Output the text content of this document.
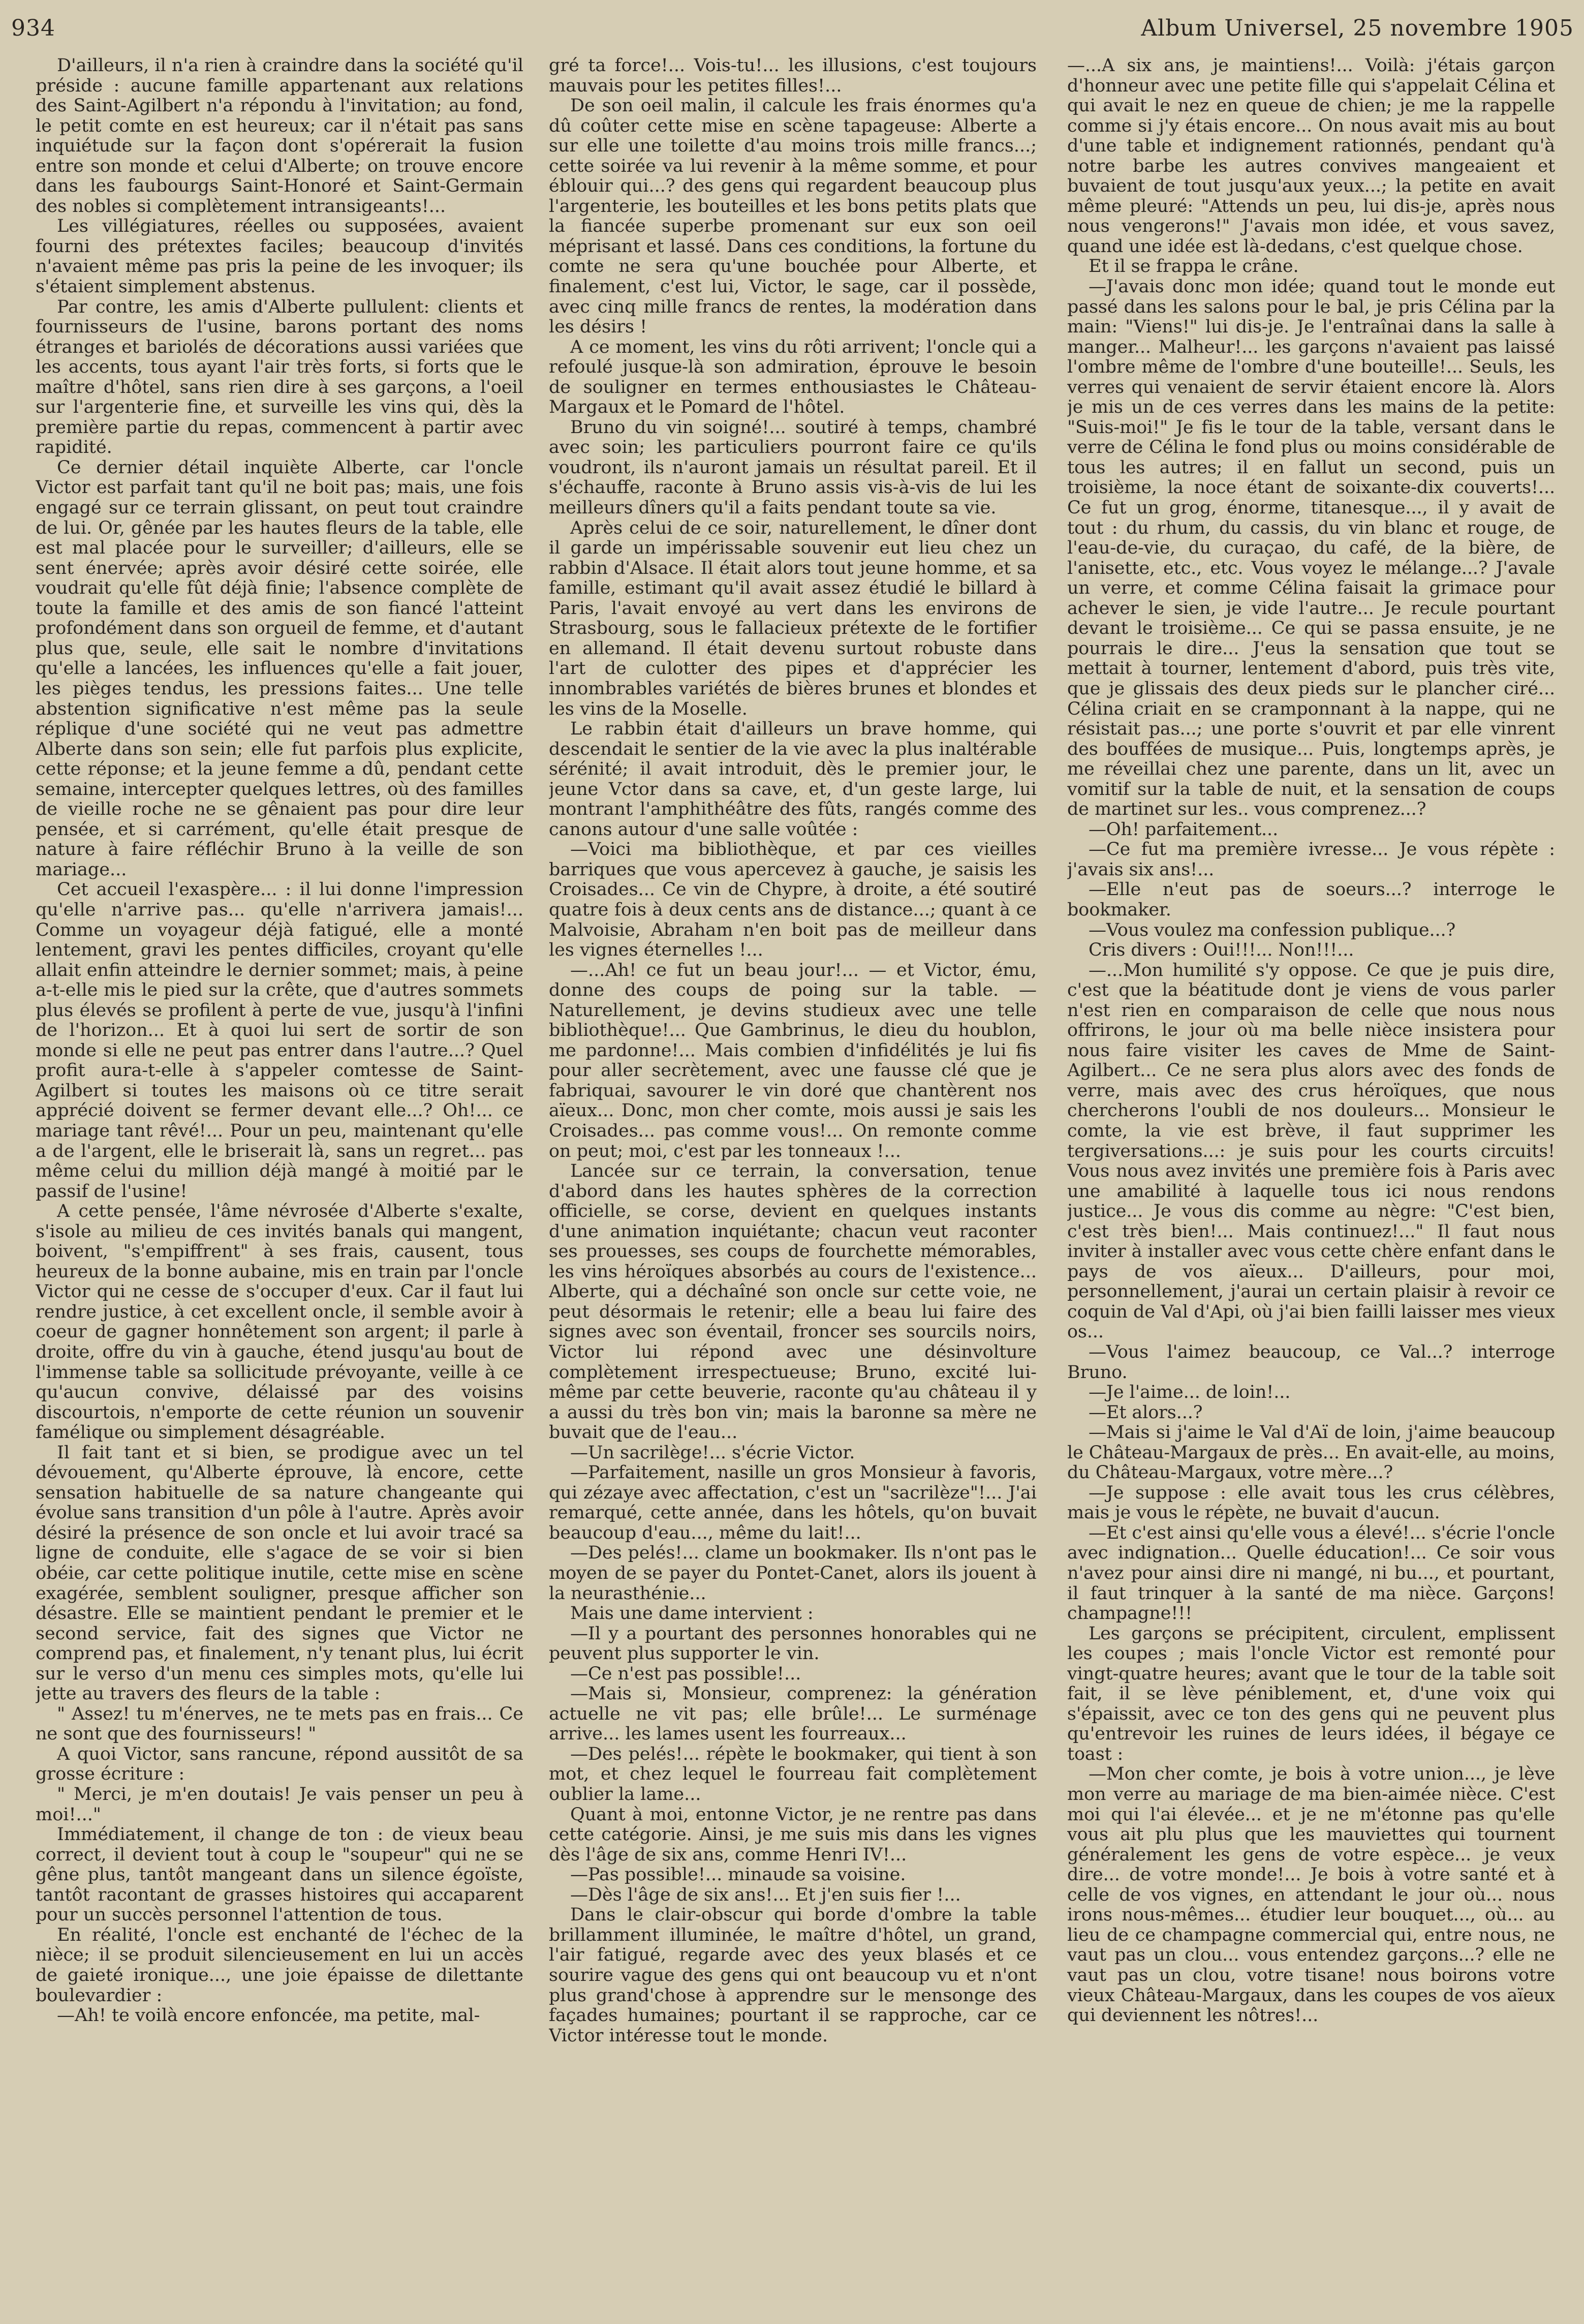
934	Album Universel, 25 novembre 1905

D'ailleurs, il n'a rien à craindre dans la société qu'il préside : aucune famille appartenant aux relations des Saint-Agilbert n'a répondu à l'invitation; au fond, le petit comte en est heureux; car il n'était pas sans inquiétude sur la façon dont s'opérerait la fusion entre son monde et celui d'Alberte; on trouve encore dans les faubourgs Saint-Honoré et Saint-Germain des nobles si complètement intransigeants!...

Les villégiatures, réelles ou supposées, avaient fourni des prétextes faciles; beaucoup d'invités n'avaient même pas pris la peine de les invoquer; ils s'étaient simplement abstenus.

Par contre, les amis d'Alberte pullulent: clients et fournisseurs de l'usine, barons portant des noms étranges et bariolés de décorations aussi variées que les accents, tous ayant l'air très forts, si forts que le maître d'hôtel, sans rien dire à ses garçons, a l'oeil sur l'argenterie fine, et surveille les vins qui, dès la première partie du repas, commencent à partir avec rapidité.

Ce dernier détail inquiète Alberte, car l'oncle Victor est parfait tant qu'il ne boit pas; mais, une fois engagé sur ce terrain glissant, on peut tout craindre de lui. Or, gênée par les hautes fleurs de la table, elle est mal placée pour le surveiller; d'ailleurs, elle se sent énervée; après avoir désiré cette soirée, elle voudrait qu'elle fût déjà finie; l'absence complète de toute la famille et des amis de son fiancé l'atteint profondément dans son orgueil de femme, et d'autant plus que, seule, elle sait le nombre d'invitations qu'elle a lancées, les influences qu'elle a fait jouer, les pièges tendus, les pressions faites... Une telle abstention significative n'est même pas la seule réplique d'une société qui ne veut pas admettre Alberte dans son sein; elle fut parfois plus explicite, cette réponse; et la jeune femme a dû, pendant cette semaine, intercepter quelques lettres, où des familles de vieille roche ne se gênaient pas pour dire leur pensée, et si carrément, qu'elle était presque de nature à faire réfléchir Bruno à la veille de son mariage...

Cet accueil l'exaspère... : il lui donne l'impression qu'elle n'arrive pas... qu'elle n'arrivera jamais!... Comme un voyageur déjà fatigué, elle a monté lentement, gravi les pentes difficiles, croyant qu'elle allait enfin atteindre le dernier sommet; mais, à peine a-t-elle mis le pied sur la crête, que d'autres sommets plus élevés se profilent à perte de vue, jusqu'à l'infini de l'horizon... Et à quoi lui sert de sortir de son monde si elle ne peut pas entrer dans l'autre...? Quel profit aura-t-elle à s'appeler comtesse de Saint-Agilbert si toutes les maisons où ce titre serait apprécié doivent se fermer devant elle...? Oh!... ce mariage tant rêvé!... Pour un peu, maintenant qu'elle a de l'argent, elle le briserait là, sans un regret... pas même celui du million déjà mangé à moitié par le passif de l'usine!

A cette pensée, l'âme névrosée d'Alberte s'exalte, s'isole au milieu de ces invités banals qui mangent, boivent, "s'empiffrent" à ses frais, causent, tous heureux de la bonne aubaine, mis en train par l'oncle Victor qui ne cesse de s'occuper d'eux. Car il faut lui rendre justice, à cet excellent oncle, il semble avoir à coeur de gagner honnêtement son argent; il parle à droite, offre du vin à gauche, étend jusqu'au bout de l'immense table sa sollicitude prévoyante, veille à ce qu'aucun convive, délaissé par des voisins discourtois, n'emporte de cette réunion un souvenir famélique ou simplement désagréable.

Il fait tant et si bien, se prodigue avec un tel dévouement, qu'Alberte éprouve, là encore, cette sensation habituelle de sa nature changeante qui évolue sans transition d'un pôle à l'autre. Après avoir désiré la présence de son oncle et lui avoir tracé sa ligne de conduite, elle s'agace de se voir si bien obéie, car cette politique inutile, cette mise en scène exagérée, semblent souligner, presque afficher son désastre. Elle se maintient pendant le premier et le second service, fait des signes que Victor ne comprend pas, et finalement, n'y tenant plus, lui écrit sur le verso d'un menu ces simples mots, qu'elle lui jette au travers des fleurs de la table :

" Assez! tu m'énerves, ne te mets pas en frais... Ce ne sont que des fournisseurs! "

A quoi Victor, sans rancune, répond aussitôt de sa grosse écriture :

" Merci, je m'en doutais! Je vais penser un peu à moi!..."

Immédiatement, il change de ton : de vieux beau correct, il devient tout à coup le "soupeur" qui ne se gêne plus, tantôt mangeant dans un silence égoïste, tantôt racontant de grasses histoires qui accaparent pour un succès personnel l'attention de tous.

En réalité, l'oncle est enchanté de l'échec de la nièce; il se produit silencieusement en lui un accès de gaieté ironique..., une joie épaisse de dilettante boulevardier :

—Ah! te voilà encore enfoncée, ma petite, mal-

gré ta force!... Vois-tu!... les illusions, c'est toujours mauvais pour les petites filles!...

De son oeil malin, il calcule les frais énormes qu'a dû coûter cette mise en scène tapageuse: Alberte a sur elle une toilette d'au moins trois mille francs...; cette soirée va lui revenir à la même somme, et pour éblouir qui...? des gens qui regardent beaucoup plus l'argenterie, les bouteilles et les bons petits plats que la fiancée superbe promenant sur eux son oeil méprisant et lassé. Dans ces conditions, la fortune du comte ne sera qu'une bouchée pour Alberte, et finalement, c'est lui, Victor, le sage, car il possède, avec cinq mille francs de rentes, la modération dans les désirs !

A ce moment, les vins du rôti arrivent; l'oncle qui a refoulé jusque-là son admiration, éprouve le besoin de souligner en termes enthousiastes le Château-Margaux et le Pomard de l'hôtel.

Bruno du vin soigné!... soutiré à temps, chambré avec soin; les particuliers pourront faire ce qu'ils voudront, ils n'auront jamais un résultat pareil. Et il s'échauffe, raconte à Bruno assis vis-à-vis de lui les meilleurs dîners qu'il a faits pendant toute sa vie.

Après celui de ce soir, naturellement, le dîner dont il garde un impérissable souvenir eut lieu chez un rabbin d'Alsace. Il était alors tout jeune homme, et sa famille, estimant qu'il avait assez étudié le billard à Paris, l'avait envoyé au vert dans les environs de Strasbourg, sous le fallacieux prétexte de le fortifier en allemand. Il était devenu surtout robuste dans l'art de culotter des pipes et d'apprécier les innombrables variétés de bières brunes et blondes et les vins de la Moselle.

Le rabbin était d'ailleurs un brave homme, qui descendait le sentier de la vie avec la plus inaltérable sérénité; il avait introduit, dès le premier jour, le jeune Vctor dans sa cave, et, d'un geste large, lui montrant l'amphithéâtre des fûts, rangés comme des canons autour d'une salle voûtée :

—Voici ma bibliothèque, et par ces vieilles barriques que vous apercevez à gauche, je saisis les Croisades... Ce vin de Chypre, à droite, a été soutiré quatre fois à deux cents ans de distance...; quant à ce Malvoisie, Abraham n'en boit pas de meilleur dans les vignes éternelles !...

—...Ah! ce fut un beau jour!... — et Victor, ému, donne des coups de poing sur la table. — Naturellement, je devins studieux avec une telle bibliothèque!... Que Gambrinus, le dieu du houblon, me pardonne!... Mais combien d'infidélités je lui fis pour aller secrètement, avec une fausse clé que je fabriquai, savourer le vin doré que chantèrent nos aïeux... Donc, mon cher comte, mois aussi je sais les Croisades... pas comme vous!... On remonte comme on peut; moi, c'est par les tonneaux !...

Lancée sur ce terrain, la conversation, tenue d'abord dans les hautes sphères de la correction officielle, se corse, devient en quelques instants d'une animation inquiétante; chacun veut raconter ses prouesses, ses coups de fourchette mémorables, les vins héroïques absorbés au cours de l'existence... Alberte, qui a déchaîné son oncle sur cette voie, ne peut désormais le retenir; elle a beau lui faire des signes avec son éventail, froncer ses sourcils noirs, Victor lui répond avec une désinvolture complètement irrespectueuse; Bruno, excité lui-même par cette beuverie, raconte qu'au château il y a aussi du très bon vin; mais la baronne sa mère ne buvait que de l'eau...

—Un sacrilège!... s'écrie Victor.

—Parfaitement, nasille un gros Monsieur à favoris, qui zézaye avec affectation, c'est un "sacrilèze"!... J'ai remarqué, cette année, dans les hôtels, qu'on buvait beaucoup d'eau..., même du lait!...

—Des pelés!... clame un bookmaker. Ils n'ont pas le moyen de se payer du Pontet-Canet, alors ils jouent à la neurasthénie...

Mais une dame intervient :

—Il y a pourtant des personnes honorables qui ne peuvent plus supporter le vin.

—Ce n'est pas possible!...

—Mais si, Monsieur, comprenez: la génération actuelle ne vit pas; elle brûle!... Le surménage arrive... les lames usent les fourreaux...

—Des pelés!... répète le bookmaker, qui tient à son mot, et chez lequel le fourreau fait complètement oublier la lame...

Quant à moi, entonne Victor, je ne rentre pas dans cette catégorie. Ainsi, je me suis mis dans les vignes dès l'âge de six ans, comme Henri IV!...

—Pas possible!... minaude sa voisine.

—Dès l'âge de six ans!... Et j'en suis fier !...

Dans le clair-obscur qui borde d'ombre la table brillamment illuminée, le maître d'hôtel, un grand, l'air fatigué, regarde avec des yeux blasés et ce sourire vague des gens qui ont beaucoup vu et n'ont plus grand'chose à apprendre sur le mensonge des façades humaines; pourtant il se rapproche, car ce Victor intéresse tout le monde.

—...A six ans, je maintiens!... Voilà: j'étais garçon d'honneur avec une petite fille qui s'appelait Célina et qui avait le nez en queue de chien; je me la rappelle comme si j'y étais encore... On nous avait mis au bout d'une table et indignement rationnés, pendant qu'à notre barbe les autres convives mangeaient et buvaient de tout jusqu'aux yeux...; la petite en avait même pleuré: "Attends un peu, lui dis-je, après nous nous vengerons!" J'avais mon idée, et vous savez, quand une idée est là-dedans, c'est quelque chose.

Et il se frappa le crâne.

—J'avais donc mon idée; quand tout le monde eut passé dans les salons pour le bal, je pris Célina par la main: "Viens!" lui dis-je. Je l'entraînai dans la salle à manger... Malheur!... les garçons n'avaient pas laissé l'ombre même de l'ombre d'une bouteille!... Seuls, les verres qui venaient de servir étaient encore là. Alors je mis un de ces verres dans les mains de la petite: "Suis-moi!" Je fis le tour de la table, versant dans le verre de Célina le fond plus ou moins considérable de tous les autres; il en fallut un second, puis un troisième, la noce étant de soixante-dix couverts!... Ce fut un grog, énorme, titanesque..., il y avait de tout : du rhum, du cassis, du vin blanc et rouge, de l'eau-de-vie, du curaçao, du café, de la bière, de l'anisette, etc., etc. Vous voyez le mélange...? J'avale un verre, et comme Célina faisait la grimace pour achever le sien, je vide l'autre... Je recule pourtant devant le troisième... Ce qui se passa ensuite, je ne pourrais le dire... J'eus la sensation que tout se mettait à tourner, lentement d'abord, puis très vite, que je glissais des deux pieds sur le plancher ciré... Célina criait en se cramponnant à la nappe, qui ne résistait pas...; une porte s'ouvrit et par elle vinrent des bouffées de musique... Puis, longtemps après, je me réveillai chez une parente, dans un lit, avec un vomitif sur la table de nuit, et la sensation de coups de martinet sur les.. vous comprenez...?

—Oh! parfaitement...

—Ce fut ma première ivresse... Je vous répète : j'avais six ans!...

—Elle n'eut pas de soeurs...? interroge le bookmaker.

—Vous voulez ma confession publique...?

Cris divers : Oui!!!... Non!!!...

—...Mon humilité s'y oppose. Ce que je puis dire, c'est que la béatitude dont je viens de vous parler n'est rien en comparaison de celle que nous nous offrirons, le jour où ma belle nièce insistera pour nous faire visiter les caves de Mme de Saint-Agilbert... Ce ne sera plus alors avec des fonds de verre, mais avec des crus héroïques, que nous chercherons l'oubli de nos douleurs... Monsieur le comte, la vie est brève, il faut supprimer les tergiversations...: je suis pour les courts circuits! Vous nous avez invités une première fois à Paris avec une amabilité à laquelle tous ici nous rendons justice... Je vous dis comme au nègre: "C'est bien, c'est très bien!... Mais continuez!..." Il faut nous inviter à installer avec vous cette chère enfant dans le pays de vos aïeux... D'ailleurs, pour moi, personnellement, j'aurai un certain plaisir à revoir ce coquin de Val d'Api, où j'ai bien failli laisser mes vieux os...

—Vous l'aimez beaucoup, ce Val...? interroge Bruno.

—Je l'aime... de loin!...

—Et alors...?

—Mais si j'aime le Val d'Aï de loin, j'aime beaucoup le Château-Margaux de près... En avait-elle, au moins, du Château-Margaux, votre mère...?

—Je suppose : elle avait tous les crus célèbres, mais je vous le répète, ne buvait d'aucun.

—Et c'est ainsi qu'elle vous a élevé!... s'écrie l'oncle avec indignation... Quelle éducation!... Ce soir vous n'avez pour ainsi dire ni mangé, ni bu..., et pourtant, il faut trinquer à la santé de ma nièce. Garçons! champagne!!!

Les garçons se précipitent, circulent, emplissent les coupes ; mais l'oncle Victor est remonté pour vingt-quatre heures; avant que le tour de la table soit fait, il se lève péniblement, et, d'une voix qui s'épaissit, avec ce ton des gens qui ne peuvent plus qu'entrevoir les ruines de leurs idées, il bégaye ce toast :

—Mon cher comte, je bois à votre union..., je lève mon verre au mariage de ma bien-aimée nièce. C'est moi qui l'ai élevée... et je ne m'étonne pas qu'elle vous ait plu plus que les mauviettes qui tournent généralement les gens de votre espèce... je veux dire... de votre monde!... Je bois à votre santé et à celle de vos vignes, en attendant le jour où... nous irons nous-mêmes... étudier leur bouquet..., où... au lieu de ce champagne commercial qui, entre nous, ne vaut pas un clou... vous entendez garçons...? elle ne vaut pas un clou, votre tisane! nous boirons votre vieux Château-Margaux, dans les coupes de vos aïeux qui deviennent les nôtres!...
